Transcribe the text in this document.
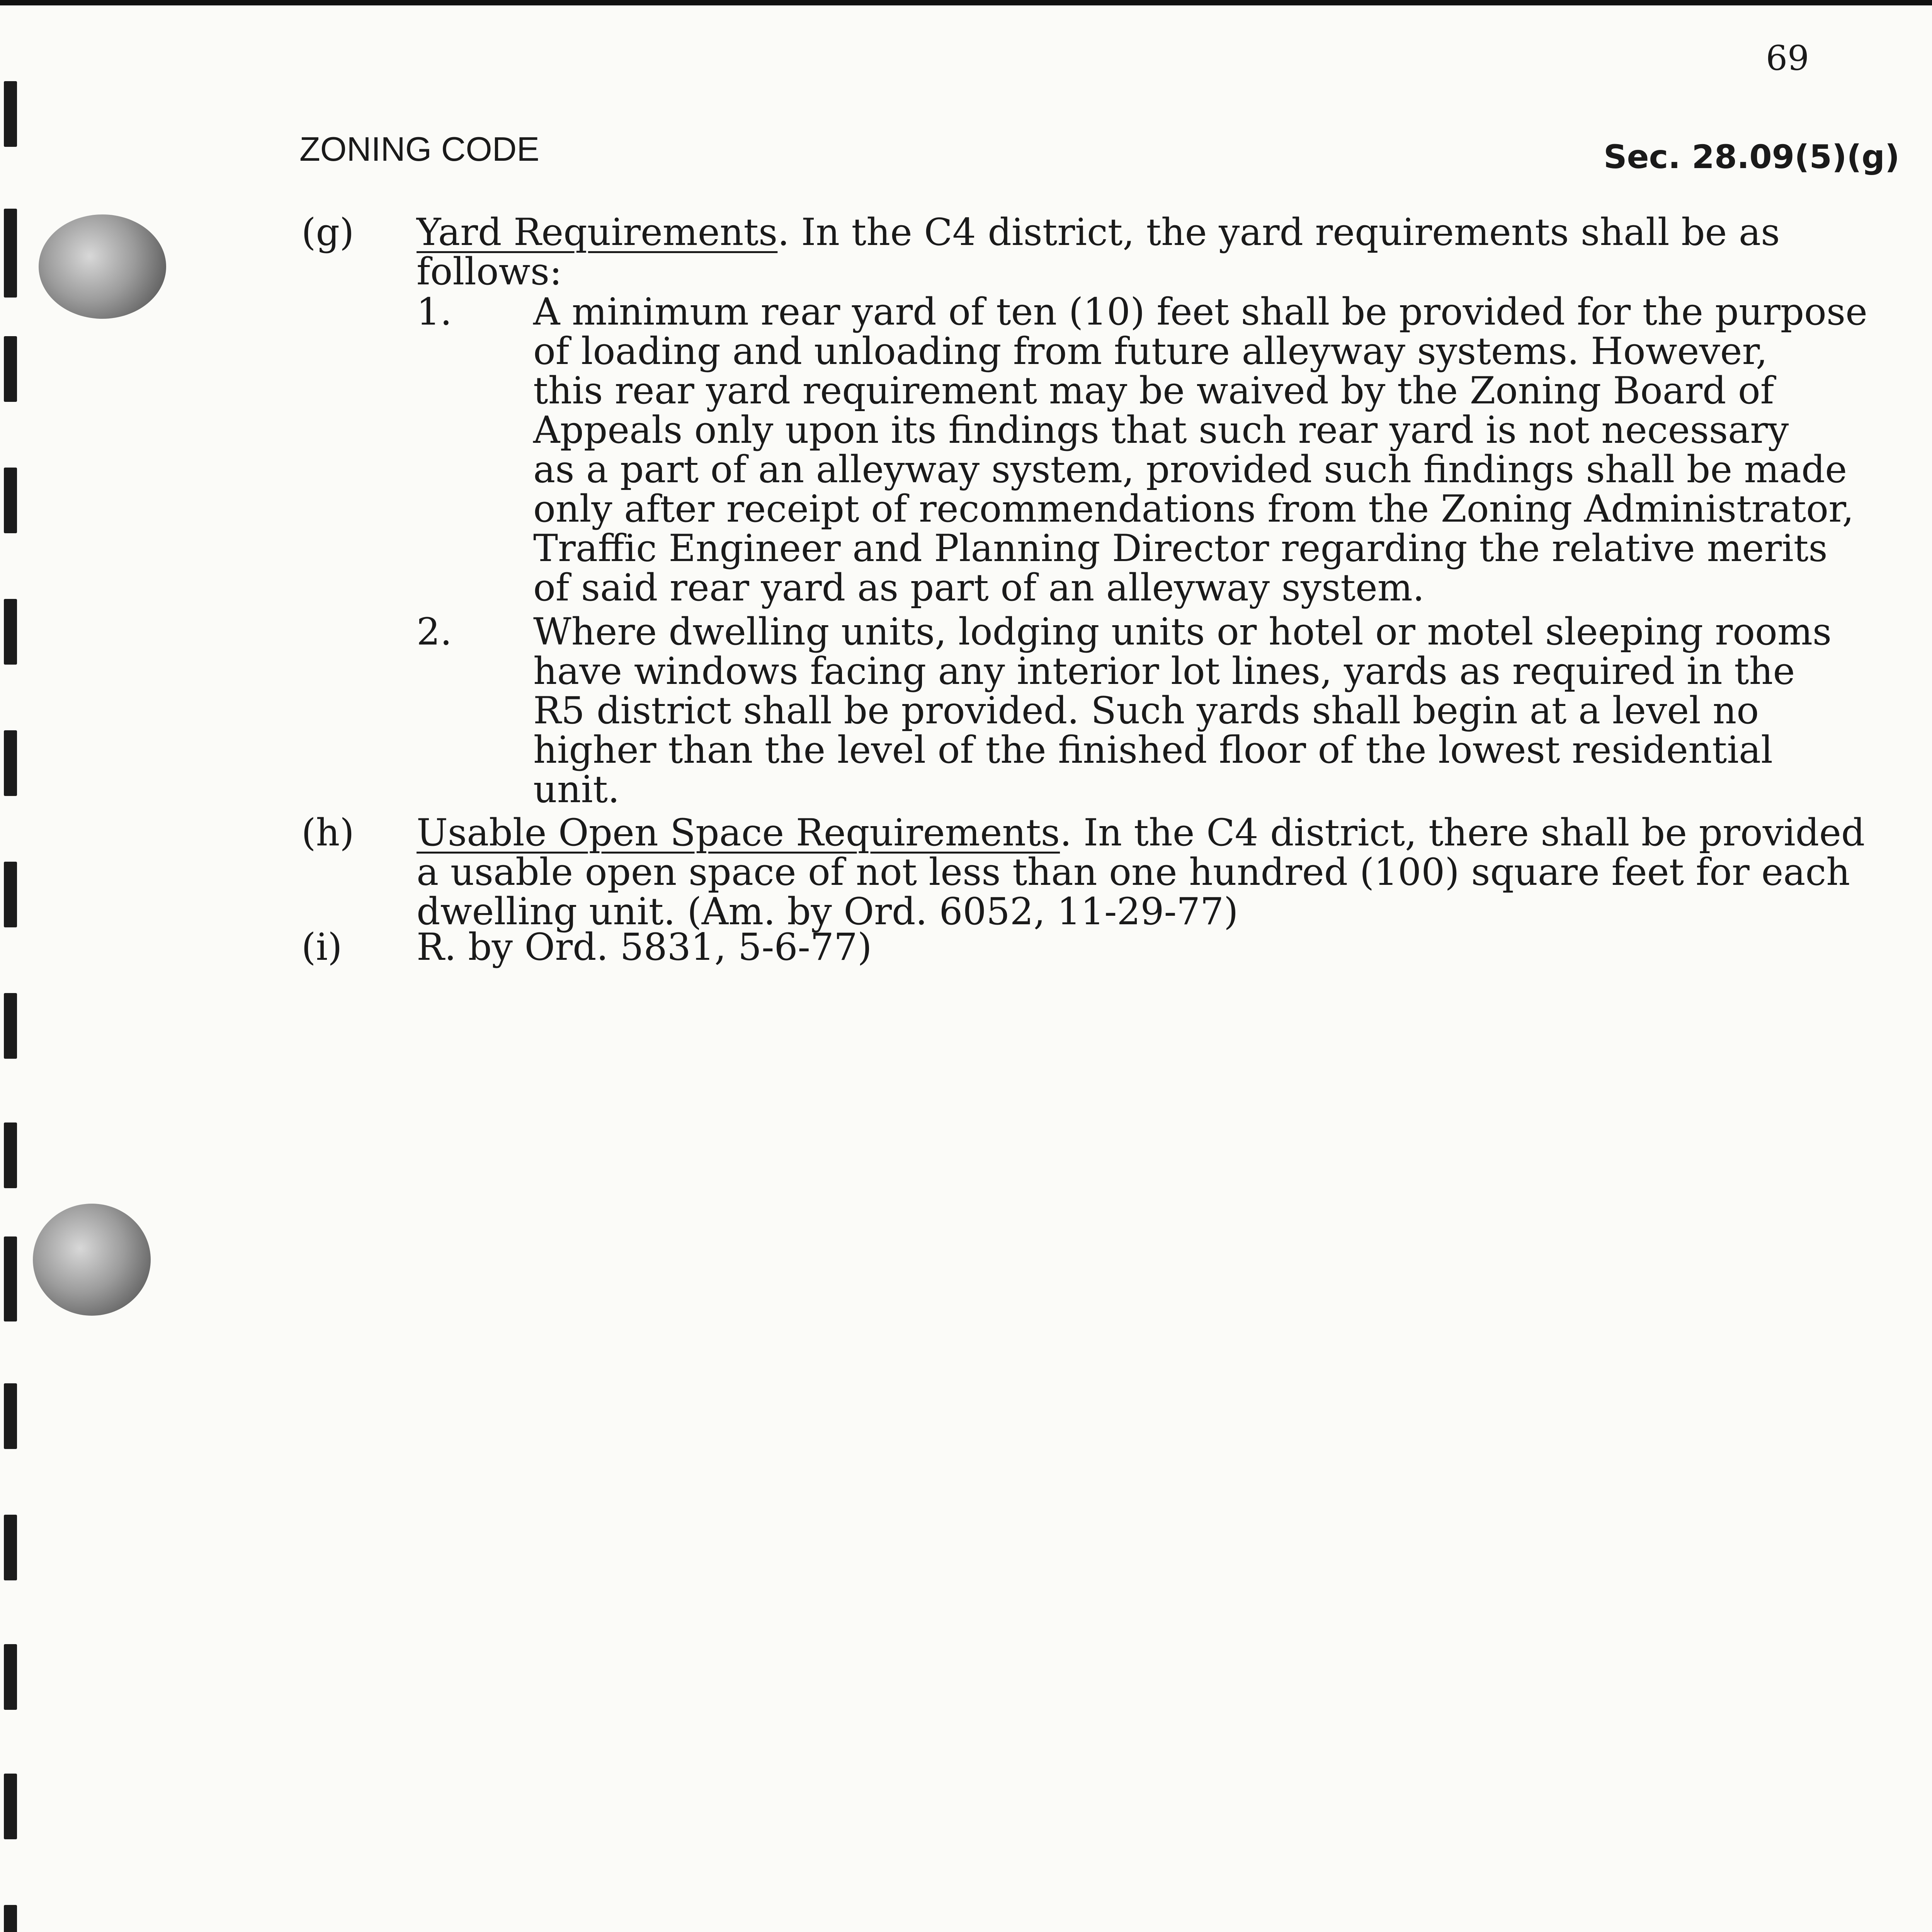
69
ZONING CODE	Sec. 28.09(5)(g)
(g) Yard Requirements. In the C4 district, the yard requirements shall be as
follows:
1. A minimum rear yard of ten (10) feet shall be provided for the purpose
of loading and unloading from future alleyway systems. However,
this rear yard requirement may be waived by the Zoning Board of
Appeals only upon its findings that such rear yard is not necessary
as a part of an alleyway system, provided such findings shall be made
only after receipt of recommendations from the Zoning Administrator,
Traffic Engineer and Planning Director regarding the relative merits
of said rear yard as part of an alleyway system.
2. Where dwelling units, lodging units or hotel or motel sleeping rooms
have windows facing any interior lot lines, yards as required in the
R5 district shall be provided. Such yards shall begin at a level no
higher than the level of the finished floor of the lowest residential
unit.
(h) Usable Open Space Requirements. In the C4 district, there shall be provided
a usable open space of not less than one hundred (100) square feet for each
dwelling unit. (Am. by Ord. 6052, 11-29-77)
(i) R. by Ord. 5831, 5-6-77)
